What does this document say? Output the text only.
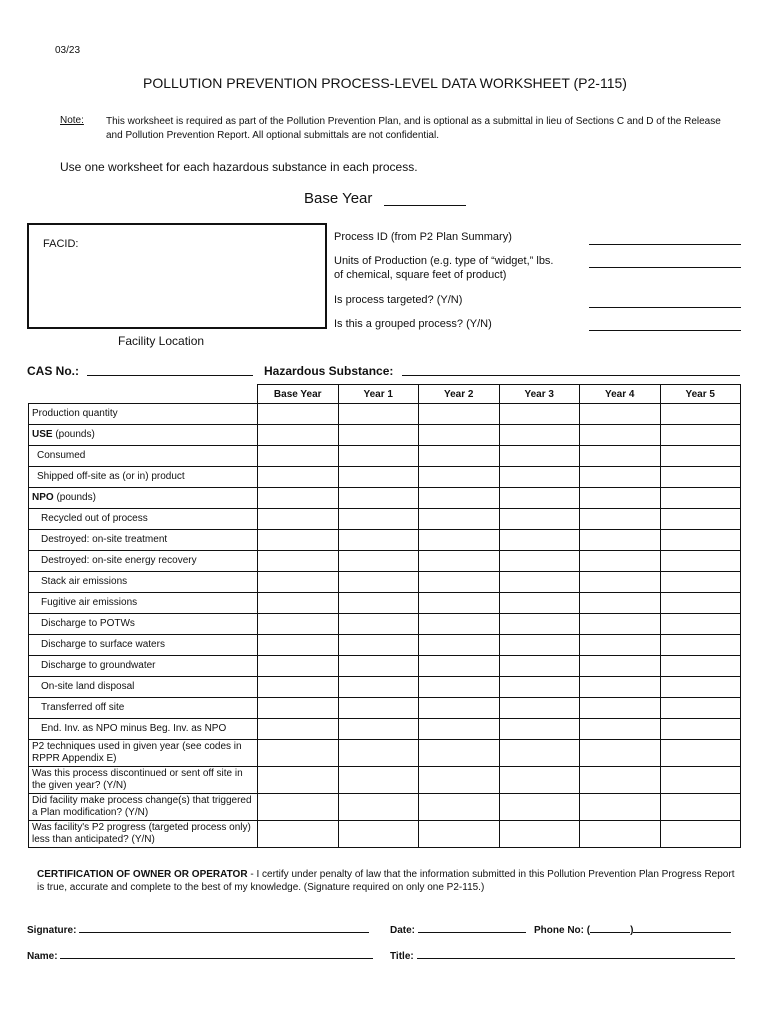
03/23
POLLUTION PREVENTION PROCESS-LEVEL DATA WORKSHEET (P2-115)
Note: This worksheet is required as part of the Pollution Prevention Plan, and is optional as a submittal in lieu of Sections C and D of the Release and Pollution Prevention Report. All optional submittals are not confidential.
Use one worksheet for each hazardous substance in each process.
Base Year
FACID:
Facility Location
Process ID (from P2 Plan Summary)
Units of Production (e.g. type of “widget,” lbs. of chemical, square feet of product)
Is process targeted? (Y/N)
Is this a grouped process? (Y/N)
CAS No.:	Hazardous Substance:
	Base Year	Year 1	Year 2	Year 3	Year 4	Year 5
Production quantity						
USE (pounds)						
Consumed						
Shipped off-site as (or in) product						
NPO (pounds)						
Recycled out of process						
Destroyed: on-site treatment						
Destroyed: on-site energy recovery						
Stack air emissions						
Fugitive air emissions						
Discharge to POTWs						
Discharge to surface waters						
Discharge to groundwater						
On-site land disposal						
Transferred off site						
End. Inv. as NPO minus Beg. Inv. as NPO						
P2 techniques used in given year (see codes in RPPR Appendix E)						
Was this process discontinued or sent off site in the given year? (Y/N)						
Did facility make process change(s) that triggered a Plan modification? (Y/N)						
Was facility's P2 progress (targeted process only) less than anticipated? (Y/N)						
CERTIFICATION OF OWNER OR OPERATOR - I certify under penalty of law that the information submitted in this Pollution Prevention Plan Progress Report is true, accurate and complete to the best of my knowledge. (Signature required on only one P2-115.)
Signature:	Date:	Phone No: (	)
Name:	Title:
